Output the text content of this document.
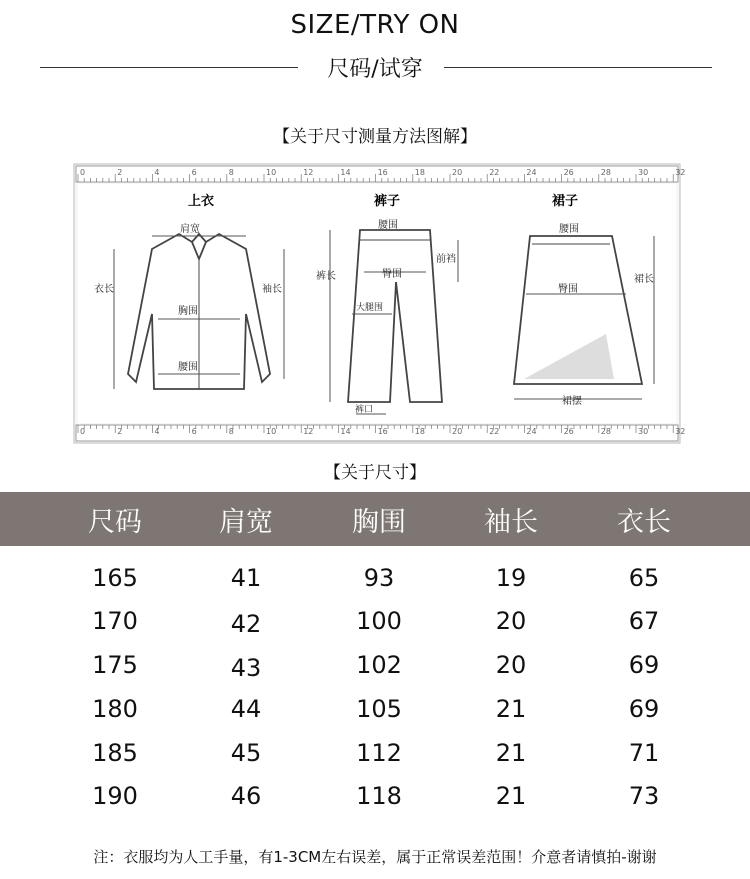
SIZE/TRY ON
尺码/试穿
【关于尺寸测量方法图解】
0	2	4	6	8	10	12	14	16	18	20	22	24	26	28	30	32
0	2	4	6	8	10	12	14	16	18	20	22	24	26	28	30	32
上衣
肩宽
衣长	袖长
胸围
腰围
裤子
腰围
裤长	臀围
前裆
大腿围
裤口
裙子
腰围
臀围
裙长
裙摆
【关于尺寸】
尺码	肩宽	胸围	袖长	衣长
165	41	93	19	65
170	42	100	20	67
175	43	102	20	69
180	44	105	21	69
185	45	112	21	71
190	46	118	21	73
注：衣服均为人工手量，有1-3CM左右误差，属于正常误差范围！介意者请慎拍-谢谢
